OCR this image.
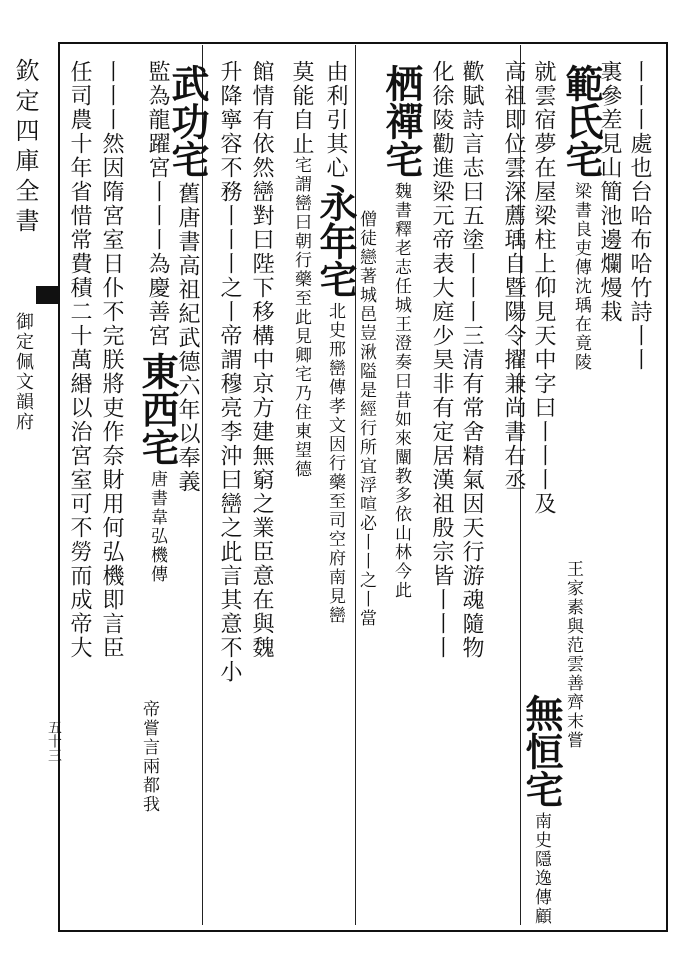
欽定四庫全書
御定佩文韻府
五十三
丨丨丨處也台哈布哈竹詩丨丨
裏參差見山簡池邊爛熳栽
範氏宅梁書良吏傳沈瑀在竟陵
王家素與范雲善齊末嘗
就雲宿夢在屋梁柱上仰見天中字曰丨丨丨及
高祖即位雲深薦瑀自暨陽令擢兼尚書右丞
無恒宅南史隱逸傳顧
歡賦詩言志曰五塗丨丨丨三清有常舍精氣因天行游魂隨物
化徐陵勸進梁元帝表大庭少昊非有定居漢祖殷宗皆丨丨丨
栖禪宅魏書釋老志任城王澄奏曰昔如來闡教多依山林今此
僧徒戀著城邑豈湫隘是經行所宜浮喧必丨丨之丨當
由利引其心永年宅北史邢巒傳孝文因行藥至司空府南見巒
莫能自止宅謂巒曰朝行藥至此見卿宅乃住東望德
館情有依然巒對曰陛下移構中京方建無窮之業臣意在與魏
升降寧容不務丨丨丨之丨帝謂穆亮李沖曰巒之此言其意不小
武功宅舊唐書高祖紀武德六年以奉義
監為龍躍宮丨丨丨為慶善宮東西宅唐書韋弘機傳
帝嘗言兩都我
丨丨丨然因隋宮室日仆不完朕將吏作奈財用何弘機即言臣
任司農十年省惜常費積二十萬緡以治宮室可不勞而成帝大
